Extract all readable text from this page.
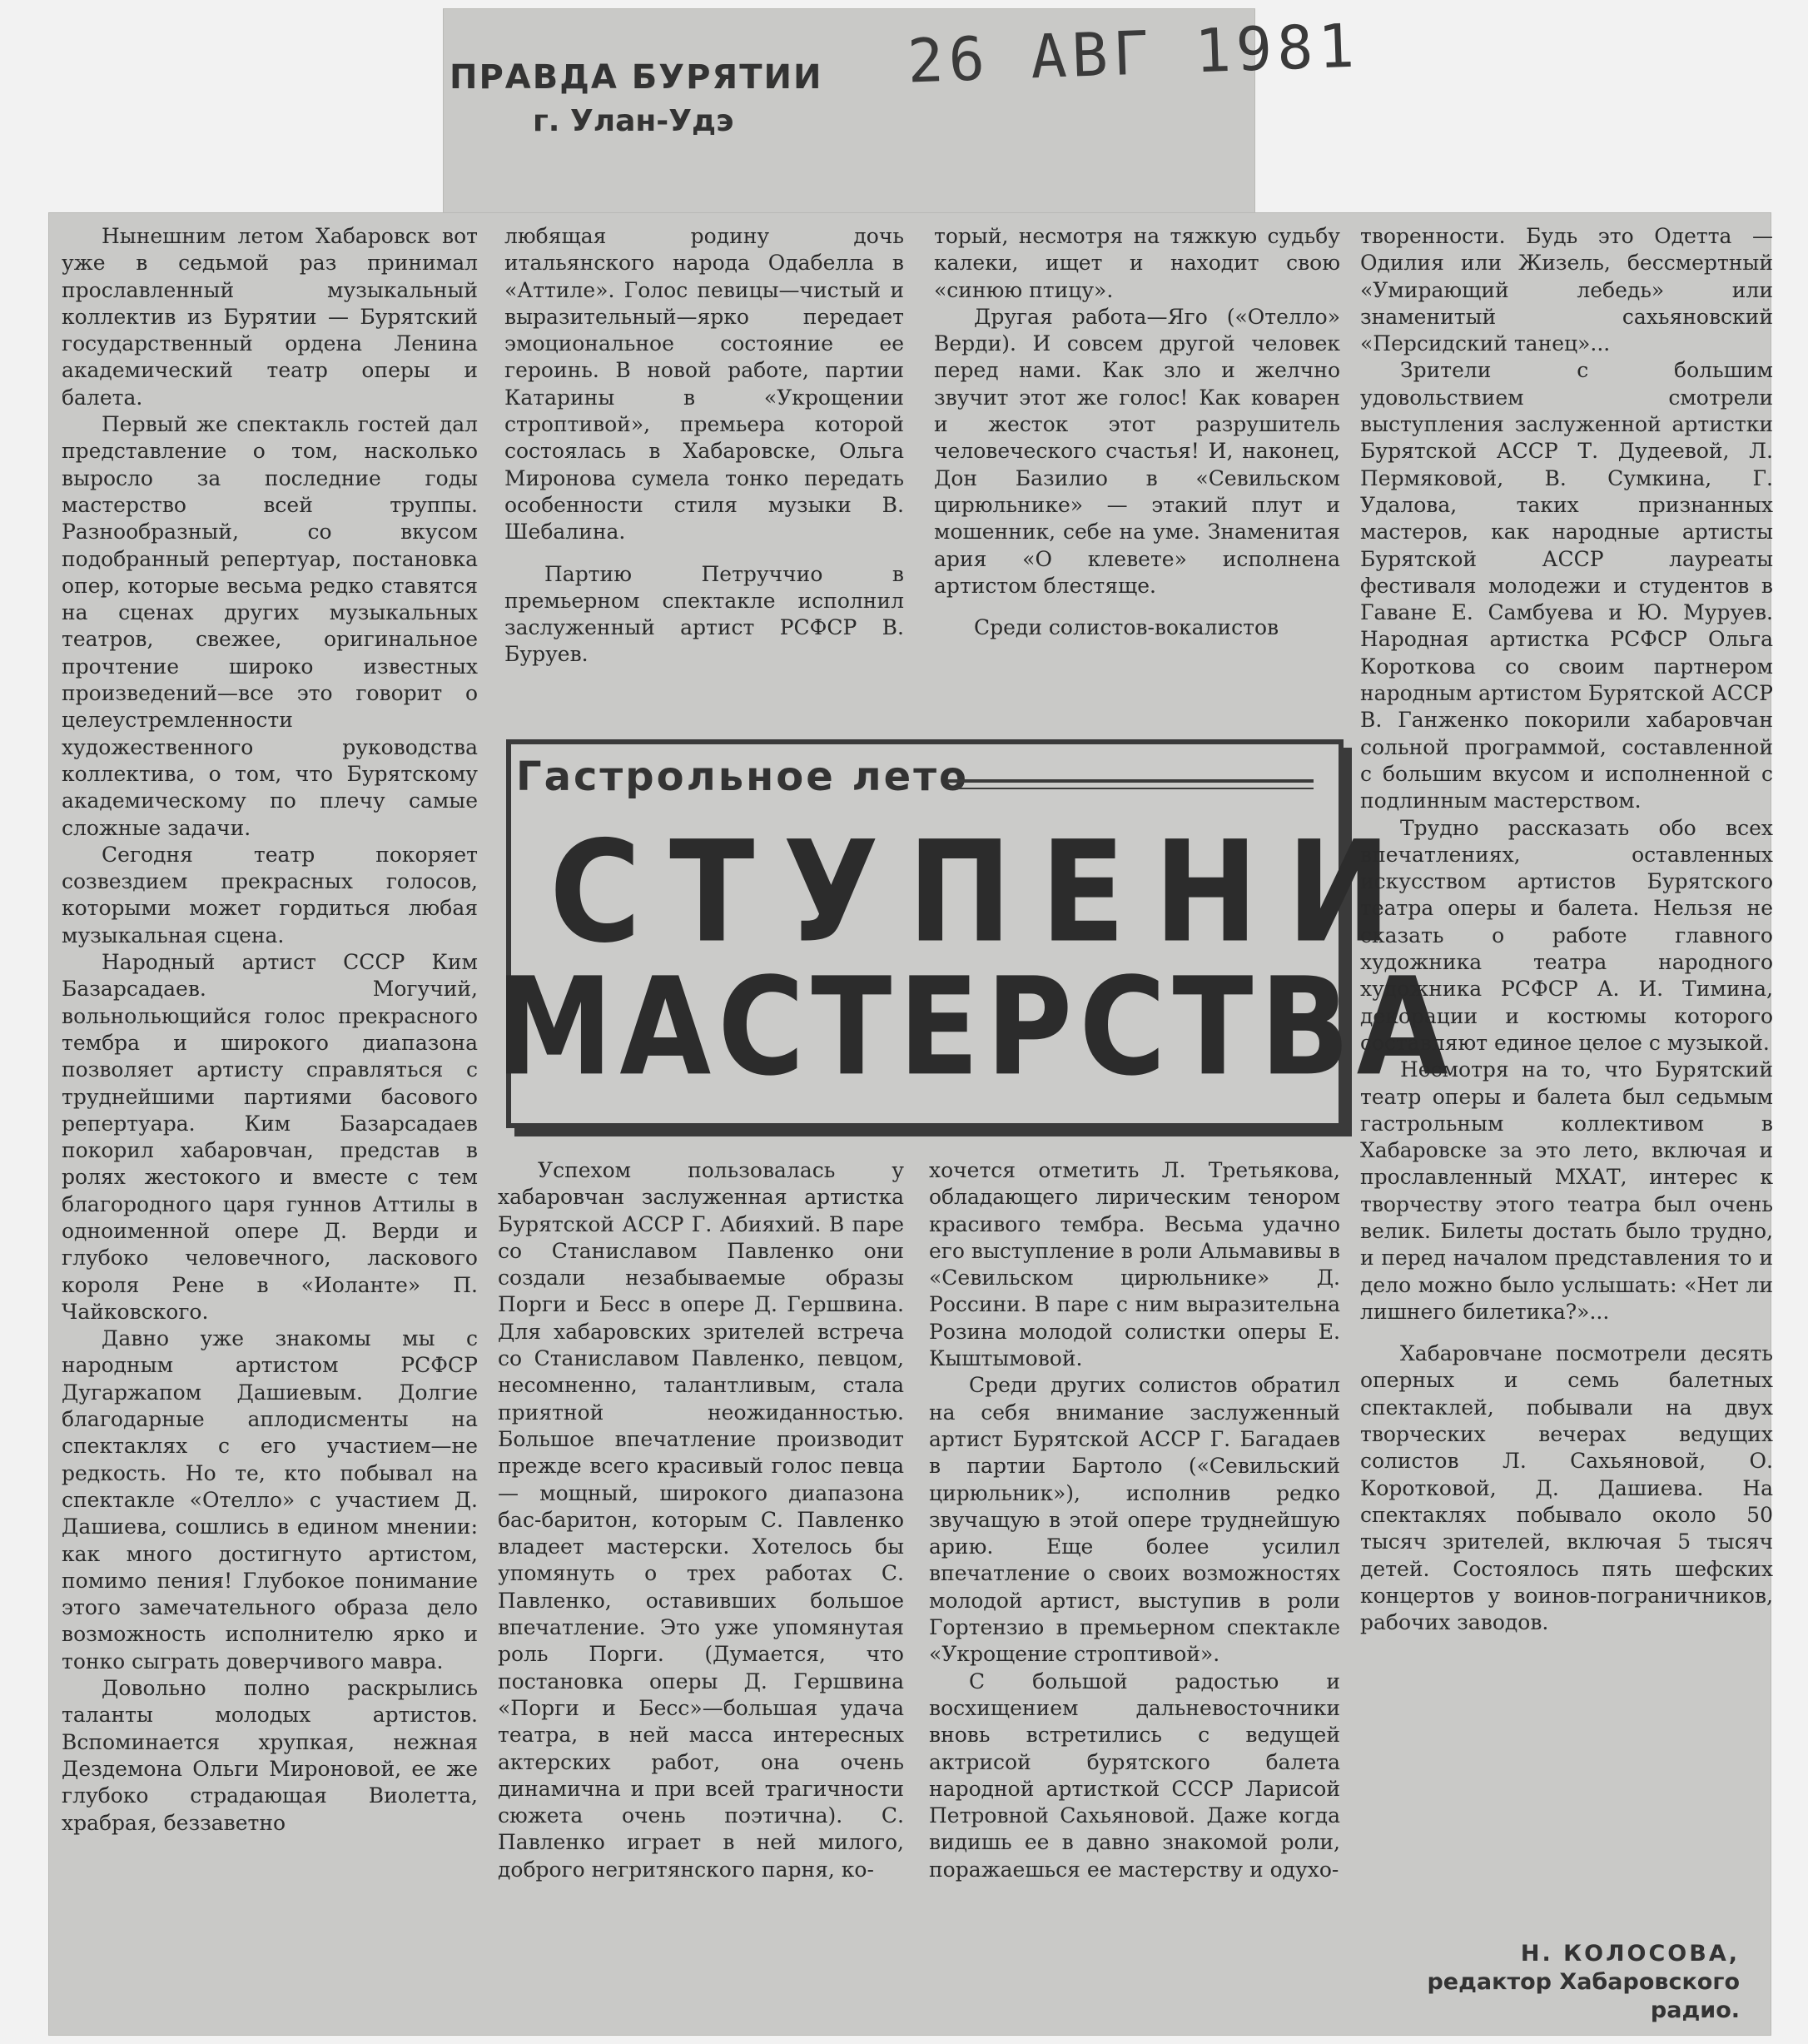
26 АВГ 1981
ПРАВДА БУРЯТИИ
г. Улан-Удэ

Нынешним летом Хабаровск вот уже в седьмой раз принимал прославленный музыкальный коллектив из Бурятии — Бурятский государственный ордена Ленина академический театр оперы и балета.

Первый же спектакль гостей дал представление о том, насколько выросло за последние годы мастерство всей труппы. Разнообразный, со вкусом подобранный репертуар, постановка опер, которые весьма редко ставятся на сценах других музыкальных театров, свежее, оригинальное прочтение широко известных произведений—все это говорит о целеустремленности художественного руководства коллектива, о том, что Бурятскому академическому по плечу самые сложные задачи.

Сегодня театр покоряет созвездием прекрасных голосов, которыми может гордиться любая музыкальная сцена.

Народный артист СССР Ким Базарсадаев. Могучий, вольнольющийся голос прекрасного тембра и широкого диапазона позволяет артисту справляться с труднейшими партиями басового репертуара. Ким Базарсадаев покорил хабаровчан, представ в ролях жестокого и вместе с тем благородного царя гуннов Аттилы в одноименной опере Д. Верди и глубоко человечного, ласкового короля Рене в «Иоланте» П. Чайковского.

Давно уже знакомы мы с народным артистом РСФСР Дугаржапом Дашиевым. Долгие благодарные аплодисменты на спектаклях с его участием—не редкость. Но те, кто побывал на спектакле «Отелло» с участием Д. Дашиева, сошлись в едином мнении: как много достигнуто артистом, помимо пения! Глубокое понимание этого замечательного образа дело возможность исполнителю ярко и тонко сыграть доверчивого мавра.

Довольно полно раскрылись таланты молодых артистов. Вспоминается хрупкая, нежная Дездемона Ольги Мироновой, ее же глубоко страдающая Виолетта, храбрая, беззаветно

любящая родину дочь итальянского народа Одабелла в «Аттиле». Голос певицы—чистый и выразительный—ярко передает эмоциональное состояние ее героинь. В новой работе, партии Катарины в «Укрощении строптивой», премьера которой состоялась в Хабаровске, Ольга Миронова сумела тонко передать особенности стиля музыки В. Шебалина.

Партию Петруччио в премьерном спектакле исполнил заслуженный артист РСФСР В. Буруев.

торый, несмотря на тяжкую судьбу калеки, ищет и находит свою «синюю птицу».

Другая работа—Яго («Отелло» Верди). И совсем другой человек перед нами. Как зло и желчно звучит этот же голос! Как коварен и жесток этот разрушитель человеческого счастья! И, наконец, Дон Базилио в «Севильском цирюльнике» — этакий плут и мошенник, себе на уме. Знаменитая ария «О клевете» исполнена артистом блестяще.

Среди солистов-вокалистов

Гастрольное лето
СТУПЕНИ
МАСТЕРСТВА

Успехом пользовалась у хабаровчан заслуженная артистка Бурятской АССР Г. Абияхий. В паре со Станиславом Павленко они создали незабываемые образы Порги и Бесс в опере Д. Гершвина. Для хабаровских зрителей встреча со Станиславом Павленко, певцом, несомненно, талантливым, стала приятной неожиданностью. Большое впечатление производит прежде всего красивый голос певца — мощный, широкого диапазона бас-баритон, которым С. Павленко владеет мастерски. Хотелось бы упомянуть о трех работах С. Павленко, оставивших большое впечатление. Это уже упомянутая роль Порги. (Думается, что постановка оперы Д. Гершвина «Порги и Бесс»—большая удача театра, в ней масса интересных актерских работ, она очень динамична и при всей трагичности сюжета очень поэтична). С. Павленко играет в ней милого, доброго негритянского парня, ко-

хочется отметить Л. Третьякова, обладающего лирическим тенором красивого тембра. Весьма удачно его выступление в роли Альмавивы в «Севильском цирюльнике» Д. Россини. В паре с ним выразительна Розина молодой солистки оперы Е. Кыштымовой.

Среди других солистов обратил на себя внимание заслуженный артист Бурятской АССР Г. Багадаев в партии Бартоло («Севильский цирюльник»), исполнив редко звучащую в этой опере труднейшую арию. Еще более усилил впечатление о своих возможностях молодой артист, выступив в роли Гортензио в премьерном спектакле «Укрощение строптивой».

С большой радостью и восхищением дальневосточники вновь встретились с ведущей актрисой бурятского балета народной артисткой СССР Ларисой Петровной Сахьяновой. Даже когда видишь ее в давно знакомой роли, поражаешься ее мастерству и одухо-

творенности. Будь это Одетта — Одилия или Жизель, бессмертный «Умирающий лебедь» или знаменитый сахьяновский «Персидский танец»...

Зрители с большим удовольствием смотрели выступления заслуженной артистки Бурятской АССР Т. Дудеевой, Л. Пермяковой, В. Сумкина, Г. Удалова, таких признанных мастеров, как народные артисты Бурятской АССР лауреаты фестиваля молодежи и студентов в Гаване Е. Самбуева и Ю. Муруев. Народная артистка РСФСР Ольга Короткова со своим партнером народным артистом Бурятской АССР В. Ганженко покорили хабаровчан сольной программой, составленной с большим вкусом и исполненной с подлинным мастерством.

Трудно рассказать обо всех впечатлениях, оставленных искусством артистов Бурятского театра оперы и балета. Нельзя не сказать о работе главного художника театра народного художника РСФСР А. И. Тимина, декорации и костюмы которого составляют единое целое с музыкой.

Несмотря на то, что Бурятский театр оперы и балета был седьмым гастрольным коллективом в Хабаровске за это лето, включая и прославленный МХАТ, интерес к творчеству этого театра был очень велик. Билеты достать было трудно, и перед началом представления то и дело можно было услышать: «Нет ли лишнего билетика?»...

Хабаровчане посмотрели десять оперных и семь балетных спектаклей, побывали на двух творческих вечерах ведущих солистов Л. Сахьяновой, О. Коротковой, Д. Дашиева. На спектаклях побывало около 50 тысяч зрителей, включая 5 тысяч детей. Состоялось пять шефских концертов у воинов-пограничников, рабочих заводов.

Н. КОЛОСОВА,
редактор Хабаровского радио.
